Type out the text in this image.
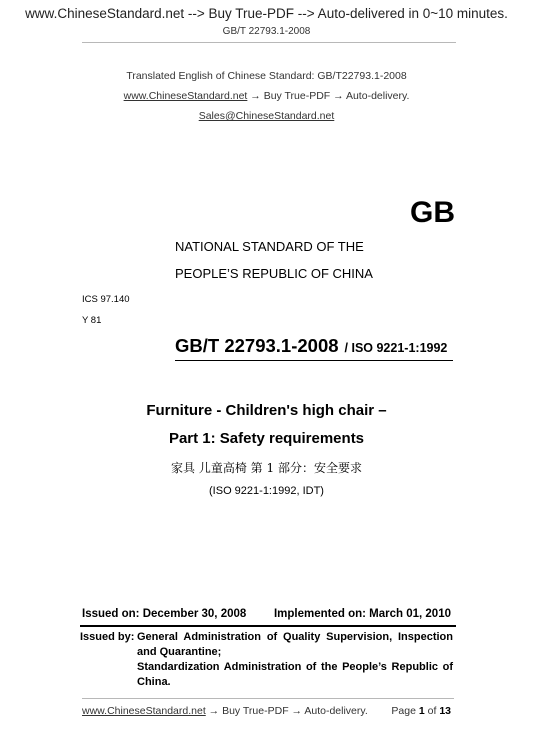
www.ChineseStandard.net --> Buy True-PDF --> Auto-delivered in 0~10 minutes.
GB/T 22793.1-2008
Translated English of Chinese Standard: GB/T22793.1-2008
www.ChineseStandard.net → Buy True-PDF → Auto-delivery.
Sales@ChineseStandard.net
GB
NATIONAL STANDARD OF THE
PEOPLE’S REPUBLIC OF CHINA
ICS 97.140
Y 81
GB/T 22793.1-2008 / ISO 9221-1:1992
Furniture - Children's high chair –
Part 1: Safety requirements
家具 儿童高椅 第 1 部分：安全要求
(ISO 9221-1:1992, IDT)
Issued on: December 30, 2008 Implemented on: March 01, 2010
Issued by: General Administration of Quality Supervision, Inspection and Quarantine;
Standardization Administration of the People’s Republic of China.
www.ChineseStandard.net → Buy True-PDF → Auto-delivery. Page 1 of 13
